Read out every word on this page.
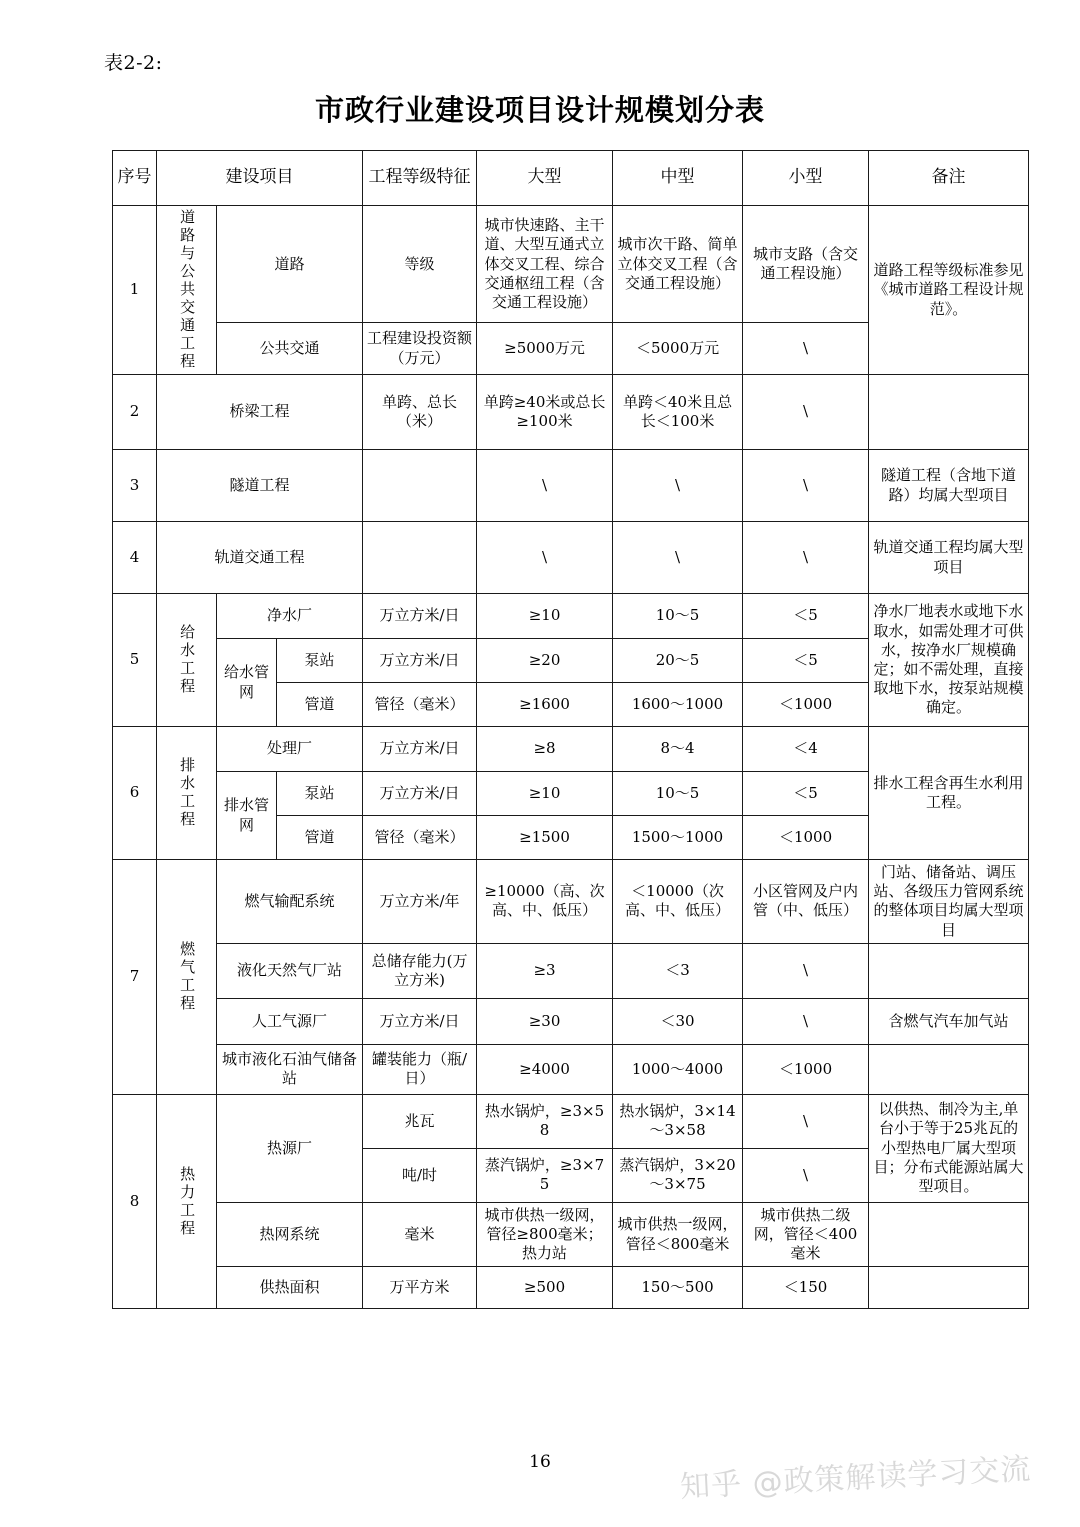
表2-2:
市政行业建设项目设计规模划分表
序号	建设项目			工程等级特征	大型	中型	小型	备注
1	道路与公共交通工程	道路		等级	城市快速路、主干道、大型互通式立体交叉工程、综合交通枢纽工程（含交通工程设施）	城市次干路、简单立体交叉工程（含交通工程设施）	城市支路（含交通工程设施）	道路工程等级标准参见《城市道路工程设计规范》。
		公共交通		工程建设投资额（万元）	≥5000万元	＜5000万元	\	
2	桥梁工程			单跨、总长（米）	单跨≥40米或总长≥100米	单跨＜40米且总长＜100米	\	
3	隧道工程				\	\	\	隧道工程（含地下道路）均属大型项目
4	轨道交通工程				\	\	\	轨道交通工程均属大型项目
5	给水工程	净水厂		万立方米/日	≥10	10～5	＜5	净水厂地表水或地下水取水，如需处理才可供水，按净水厂规模确定；如不需处理，直接取地下水，按泵站规模确定。
		给水管网	泵站	万立方米/日	≥20	20～5	＜5	
			管道	管径（毫米）	≥1600	1600～1000	＜1000	
6	排水工程	处理厂		万立方米/日	≥8	8～4	＜4	排水工程含再生水利用工程。
		排水管网	泵站	万立方米/日	≥10	10～5	＜5	
			管道	管径（毫米）	≥1500	1500～1000	＜1000	
7	燃气工程	燃气输配系统		万立方米/年	≥10000（高、次高、中、低压）	＜10000（次高、中、低压）	小区管网及户内管（中、低压）	门站、储备站、调压站、各级压力管网系统的整体项目均属大型项目
		液化天然气厂站		总储存能力(万立方米)	≥3	＜3	\	
		人工气源厂		万立方米/日	≥30	＜30	\	含燃气汽车加气站
		城市液化石油气储备站		罐装能力（瓶/日）	≥4000	1000～4000	＜1000	
8	热力工程	热源厂		兆瓦	热水锅炉，≥3×58	热水锅炉，3×14～3×58	\	以供热、制冷为主,单台小于等于25兆瓦的小型热电厂属大型项目；分布式能源站属大型项目。
				吨/时	蒸汽锅炉，≥3×75	蒸汽锅炉，3×20～3×75	\	
		热网系统		毫米	城市供热一级网，管径≥800毫米；热力站	城市供热一级网，管径＜800毫米	城市供热二级网，管径＜400毫米	
		供热面积		万平方米	≥500	150～500	＜150	
16	知乎 @政策解读学习交流
